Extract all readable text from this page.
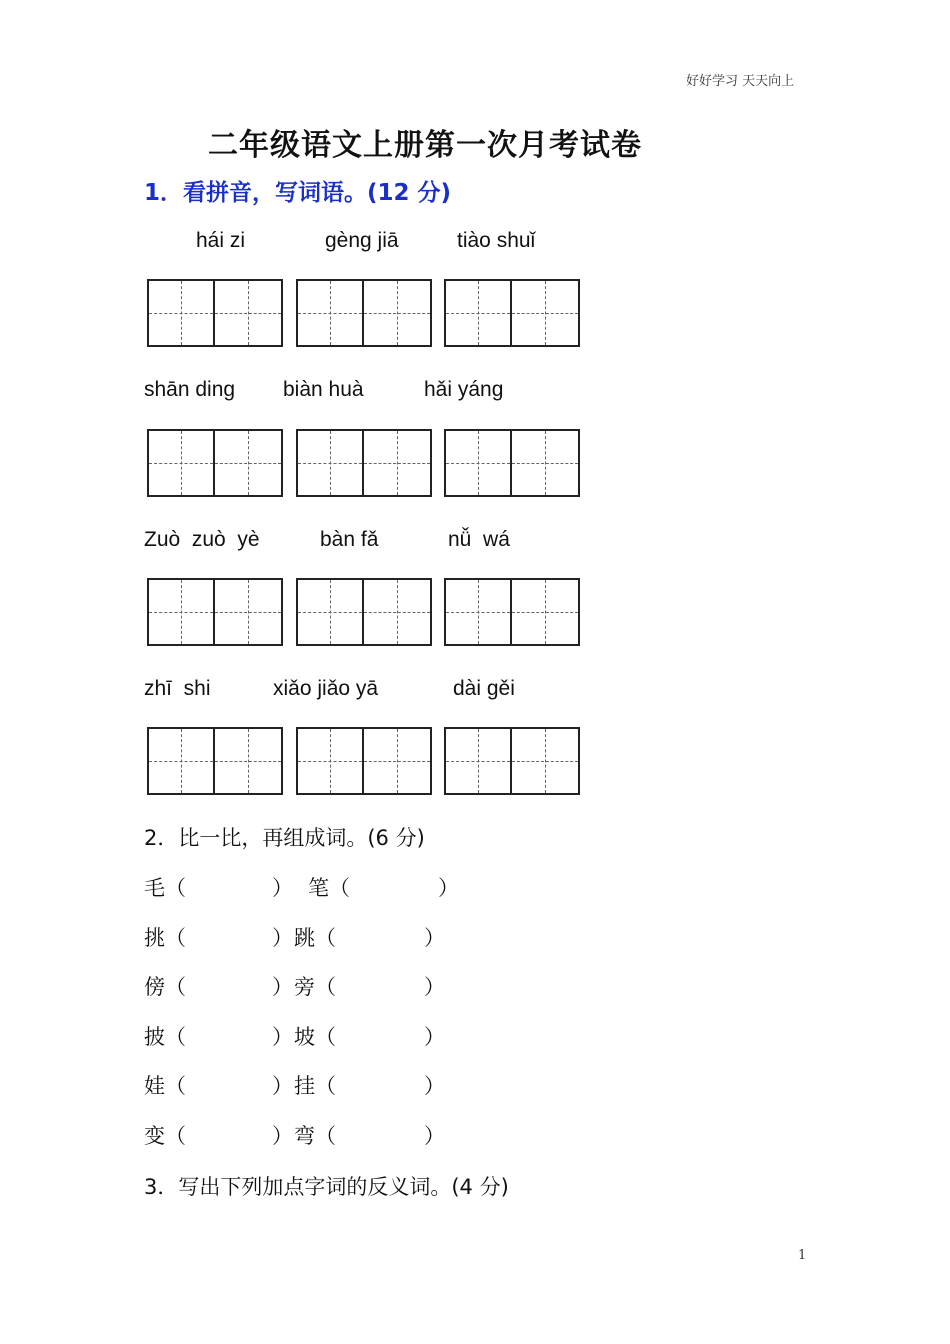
好好学习 天天向上
二年级语文上册第一次月考试卷
1．看拼音，写词语。(12 分)
hái zi	gèng jiā	tiào shuǐ
shān ding biàn huà	hǎi yáng
Zuò  zuò  yè	bàn fǎ	nǚ  wá
zhī  shi	xiǎo jiǎo yā	dài gěi
2．比一比，再组成词。(6 分)
毛（	） 笔（	）
挑（	）跳（	）
傍（	）旁（	）
披（	）坡（	）
娃（	）挂（	）
变（	）弯（	）
3．写出下列加点字词的反义词。(4 分)
1
